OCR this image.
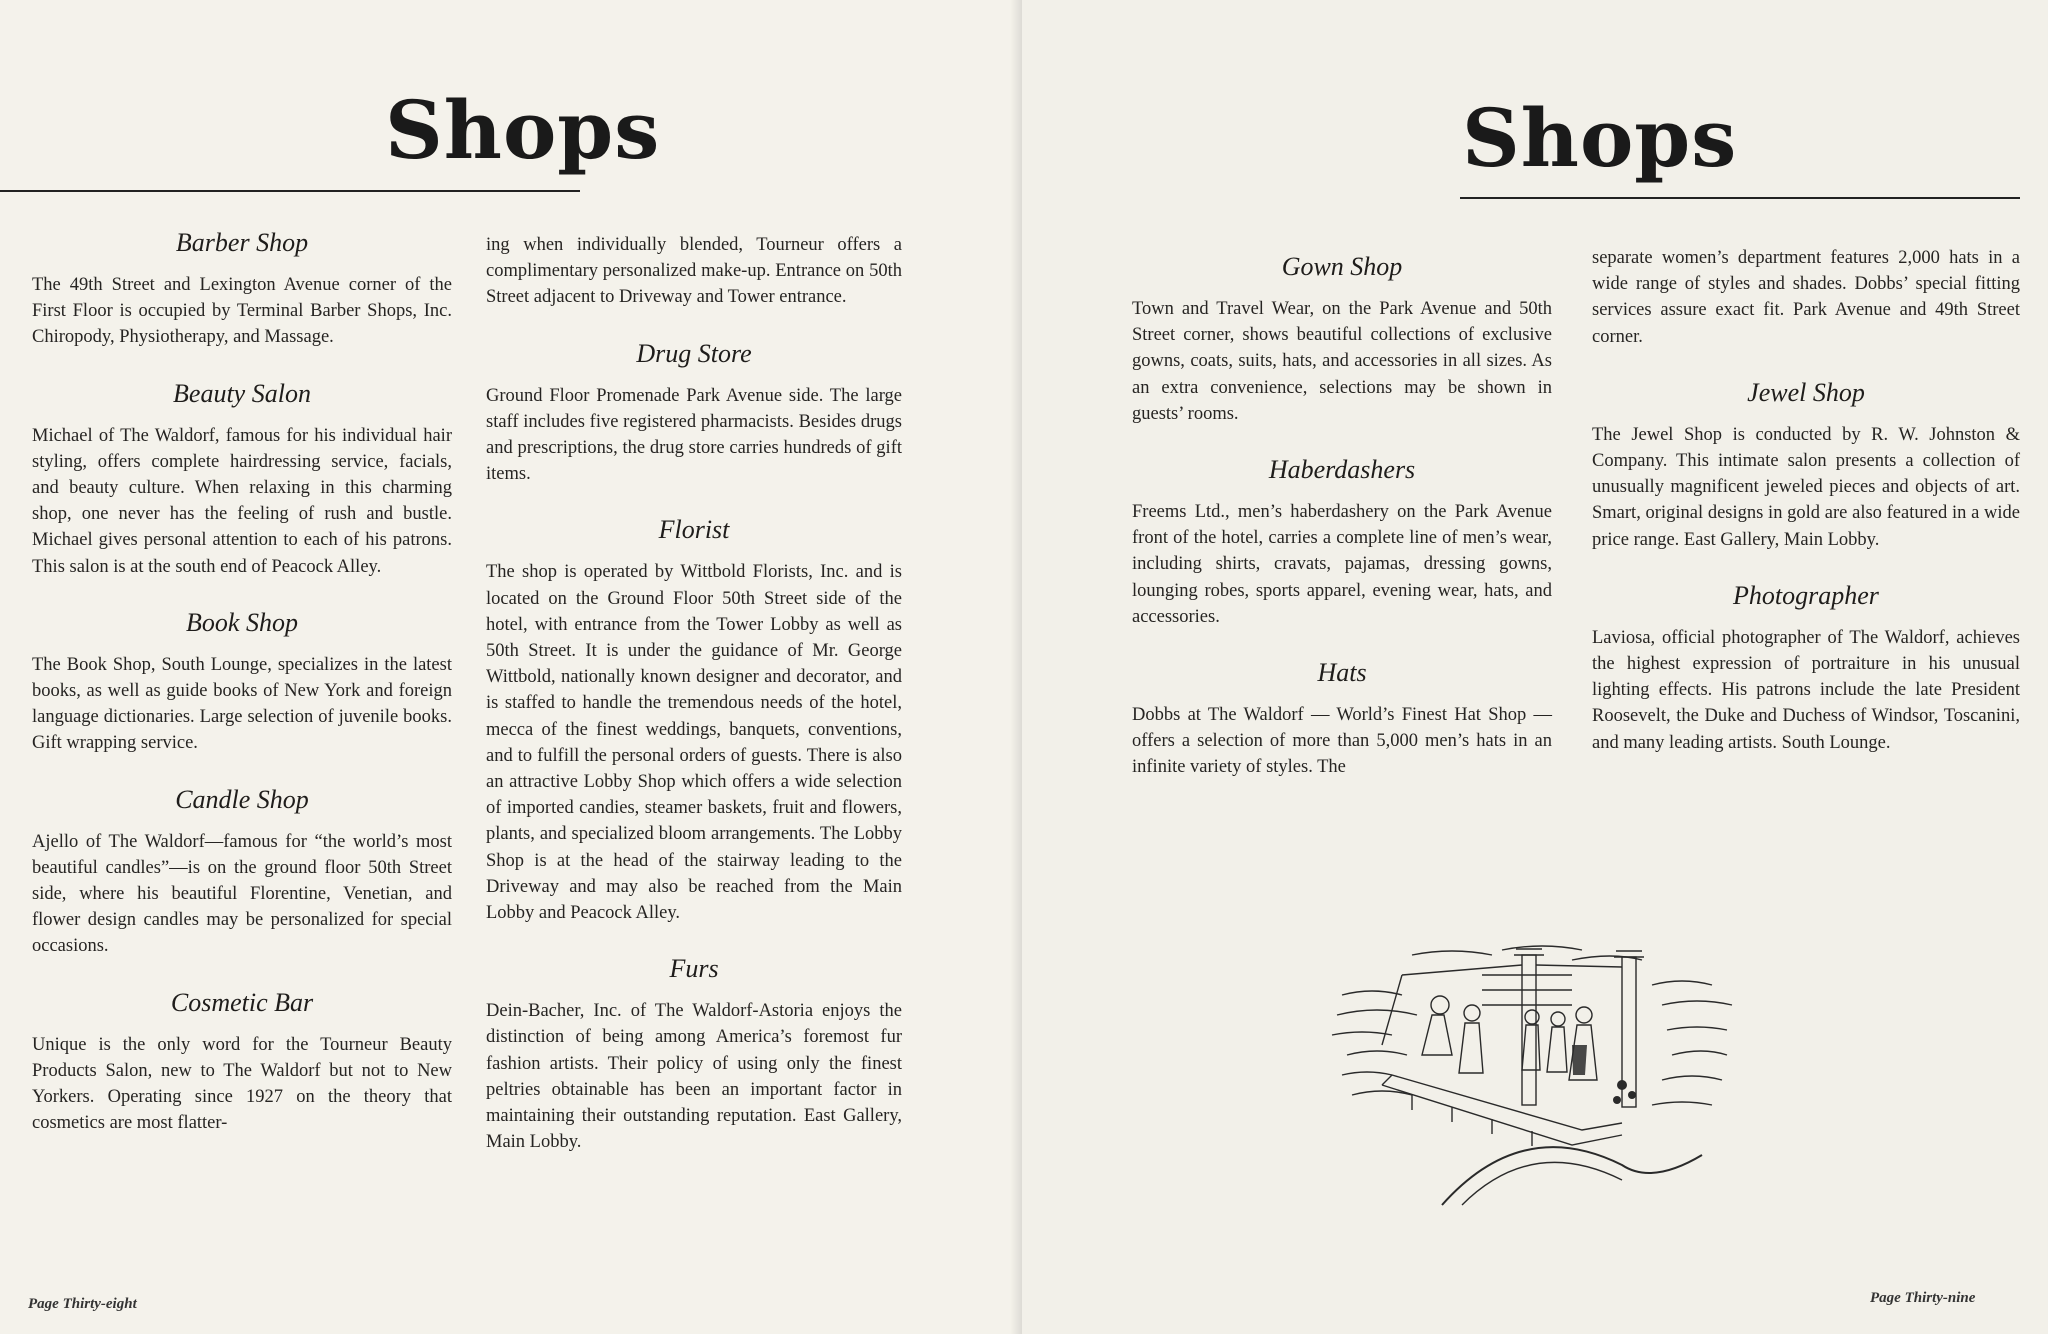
Shops
Barber Shop

The 49th Street and Lexington Avenue corner of the First Floor is occupied by Terminal Barber Shops, Inc. Chiropody, Physiotherapy, and Massage.

Beauty Salon

Michael of The Waldorf, famous for his individual hair styling, offers complete hairdressing service, facials, and beauty culture. When relaxing in this charming shop, one never has the feeling of rush and bustle. Michael gives personal attention to each of his patrons. This salon is at the south end of Peacock Alley.

Book Shop

The Book Shop, South Lounge, specializes in the latest books, as well as guide books of New York and foreign language dictionaries. Large selection of juvenile books. Gift wrapping service.

Candle Shop

Ajello of The Waldorf—famous for “the world’s most beautiful candles”—is on the ground floor 50th Street side, where his beautiful Florentine, Venetian, and flower design candles may be personalized for special occasions.

Cosmetic Bar

Unique is the only word for the Tourneur Beauty Products Salon, new to The Waldorf but not to New Yorkers. Operating since 1927 on the theory that cosmetics are most flatter-

ing when individually blended, Tourneur offers a complimentary personalized make-up. Entrance on 50th Street adjacent to Driveway and Tower entrance.

Drug Store

Ground Floor Promenade Park Avenue side. The large staff includes five registered pharmacists. Besides drugs and prescriptions, the drug store carries hundreds of gift items.

Florist

The shop is operated by Wittbold Florists, Inc. and is located on the Ground Floor 50th Street side of the hotel, with entrance from the Tower Lobby as well as 50th Street. It is under the guidance of Mr. George Wittbold, nationally known designer and decorator, and is staffed to handle the tremendous needs of the hotel, mecca of the finest weddings, banquets, conventions, and to fulfill the personal orders of guests. There is also an attractive Lobby Shop which offers a wide selection of imported candies, steamer baskets, fruit and flowers, plants, and specialized bloom arrangements. The Lobby Shop is at the head of the stairway leading to the Driveway and may also be reached from the Main Lobby and Peacock Alley.

Furs

Dein-Bacher, Inc. of The Waldorf-Astoria enjoys the distinction of being among America’s foremost fur fashion artists. Their policy of using only the finest peltries obtainable has been an important factor in maintaining their outstanding reputation. East Gallery, Main Lobby.

Page Thirty-eight
Shops
Gown Shop

Town and Travel Wear, on the Park Avenue and 50th Street corner, shows beautiful collections of exclusive gowns, coats, suits, hats, and accessories in all sizes. As an extra convenience, selections may be shown in guests’ rooms.

Haberdashers

Freems Ltd., men’s haberdashery on the Park Avenue front of the hotel, carries a complete line of men’s wear, including shirts, cravats, pajamas, dressing gowns, lounging robes, sports apparel, evening wear, hats, and accessories.

Hats

Dobbs at The Waldorf — World’s Finest Hat Shop — offers a selection of more than 5,000 men’s hats in an infinite variety of styles. The

separate women’s department features 2,000 hats in a wide range of styles and shades. Dobbs’ special fitting services assure exact fit. Park Avenue and 49th Street corner.

Jewel Shop

The Jewel Shop is conducted by R. W. Johnston & Company. This intimate salon presents a collection of unusually magnificent jeweled pieces and objects of art. Smart, original designs in gold are also featured in a wide price range. East Gallery, Main Lobby.

Photographer

Laviosa, official photographer of The Waldorf, achieves the highest expression of portraiture in his unusual lighting effects. His patrons include the late President Roosevelt, the Duke and Duchess of Windsor, Toscanini, and many leading artists. South Lounge.

Page Thirty-nine
